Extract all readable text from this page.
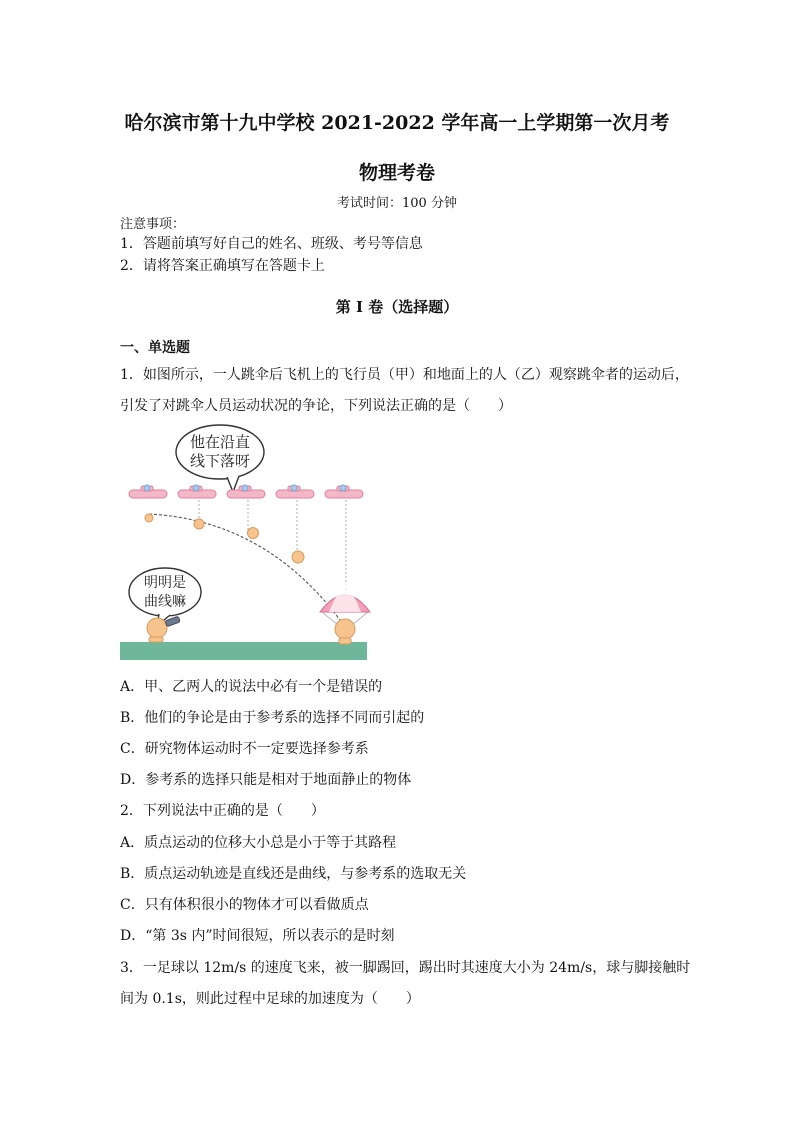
哈尔滨市第十九中学校 2021-2022 学年高一上学期第一次月考
物理考卷
考试时间：100 分钟
注意事项：
1．答题前填写好自己的姓名、班级、考号等信息
2．请将答案正确填写在答题卡上
第 I 卷（选择题）
一、单选题
1．如图所示，一人跳伞后飞机上的飞行员（甲）和地面上的人（乙）观察跳伞者的运动后，
引发了对跳伞人员运动状况的争论，下列说法正确的是（　　）
他在沿直
线下落呀
明明是
曲线嘛
A．甲、乙两人的说法中必有一个是错误的
B．他们的争论是由于参考系的选择不同而引起的
C．研究物体运动时不一定要选择参考系
D．参考系的选择只能是相对于地面静止的物体
2．下列说法中正确的是（　　）
A．质点运动的位移大小总是小于等于其路程
B．质点运动轨迹是直线还是曲线，与参考系的选取无关
C．只有体积很小的物体才可以看做质点
D．“第 3s 内”时间很短，所以表示的是时刻
3．一足球以 12m/s 的速度飞来，被一脚踢回，踢出时其速度大小为 24m/s，球与脚接触时
间为 0.1s，则此过程中足球的加速度为（　　）
